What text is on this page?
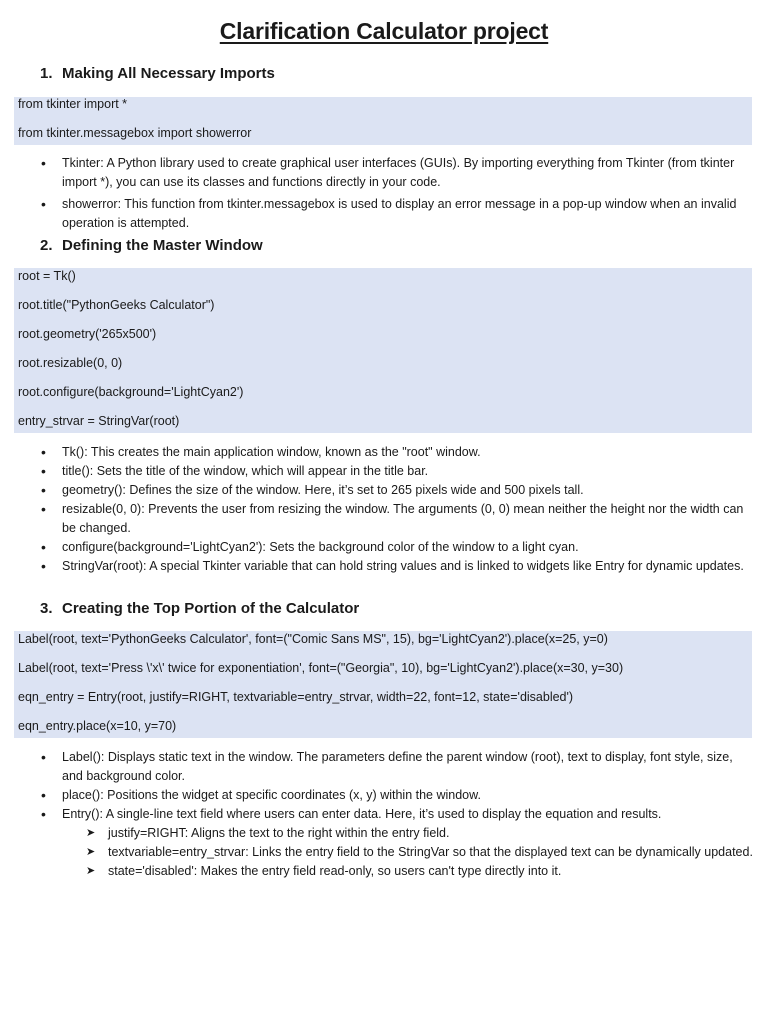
Clarification Calculator project
1. Making All Necessary Imports
from tkinter import *
from tkinter.messagebox import showerror
• Tkinter: A Python library used to create graphical user interfaces (GUIs). By importing everything from Tkinter (from tkinter import *), you can use its classes and functions directly in your code.
• showerror: This function from tkinter.messagebox is used to display an error message in a pop-up window when an invalid operation is attempted.
2. Defining the Master Window
root = Tk()
root.title("PythonGeeks Calculator")
root.geometry('265x500')
root.resizable(0, 0)
root.configure(background='LightCyan2')
entry_strvar = StringVar(root)
• Tk(): This creates the main application window, known as the "root" window.
• title(): Sets the title of the window, which will appear in the title bar.
• geometry(): Defines the size of the window. Here, it’s set to 265 pixels wide and 500 pixels tall.
• resizable(0, 0): Prevents the user from resizing the window. The arguments (0, 0) mean neither the height nor the width can be changed.
• configure(background='LightCyan2'): Sets the background color of the window to a light cyan.
• StringVar(root): A special Tkinter variable that can hold string values and is linked to widgets like Entry for dynamic updates.
3. Creating the Top Portion of the Calculator
Label(root, text='PythonGeeks Calculator', font=("Comic Sans MS", 15), bg='LightCyan2').place(x=25, y=0)
Label(root, text='Press \'x\' twice for exponentiation', font=("Georgia", 10), bg='LightCyan2').place(x=30, y=30)
eqn_entry = Entry(root, justify=RIGHT, textvariable=entry_strvar, width=22, font=12, state='disabled')
eqn_entry.place(x=10, y=70)
• Label(): Displays static text in the window. The parameters define the parent window (root), text to display, font style, size, and background color.
• place(): Positions the widget at specific coordinates (x, y) within the window.
• Entry(): A single-line text field where users can enter data. Here, it’s used to display the equation and results.
➤ justify=RIGHT: Aligns the text to the right within the entry field.
➤ textvariable=entry_strvar: Links the entry field to the StringVar so that the displayed text can be dynamically updated.
➤ state='disabled': Makes the entry field read-only, so users can't type directly into it.
